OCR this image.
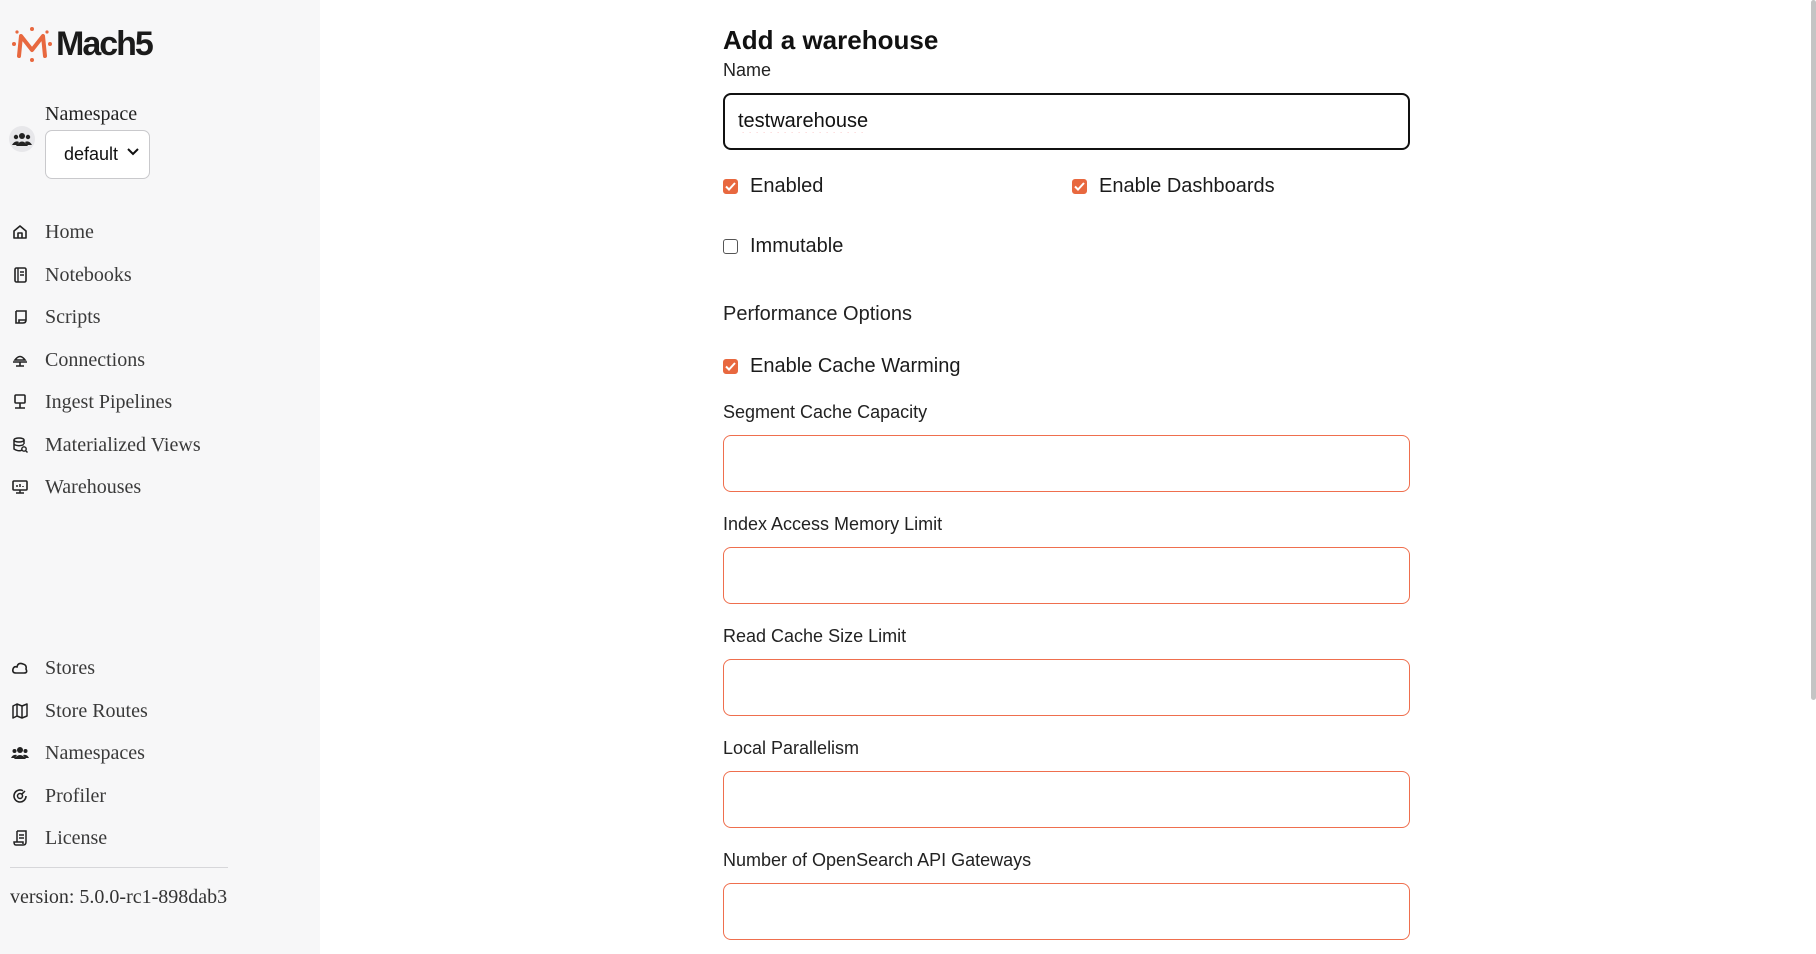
Mach5
Namespace
default
Home
Notebooks
Scripts
Connections
Ingest Pipelines
Materialized Views
Warehouses
Stores
Store Routes
Namespaces
Profiler
License
version: 5.0.0-rc1-898dab3
Add a warehouse
Name
testwarehouse
Enabled	Enable Dashboards
Immutable
Performance Options
Enable Cache Warming
Segment Cache Capacity
Index Access Memory Limit
Read Cache Size Limit
Local Parallelism
Number of OpenSearch API Gateways
